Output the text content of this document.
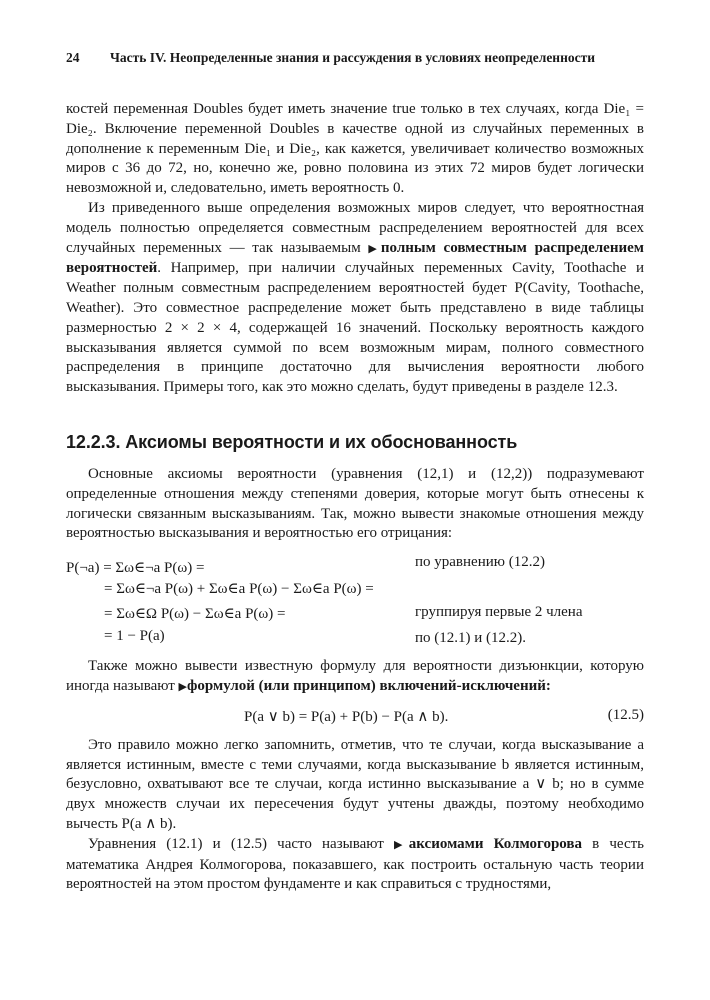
24	Часть IV. Неопределенные знания и рассуждения в условиях неопределенности

костей переменная Doubles будет иметь значение true только в тех случаях, когда Die₁ = Die₂. Включение переменной Doubles в качестве одной из случайных переменных в дополнение к переменным Die₁ и Die₂, как кажется, увеличивает количество возможных миров с 36 до 72, но, конечно же, ровно половина из этих 72 миров будет логически невозможной и, следовательно, иметь вероятность 0.

Из приведенного выше определения возможных миров следует, что вероятностная модель полностью определяется совместным распределением вероятностей для всех случайных переменных — так называемым ▶полным совместным распределением вероятностей. Например, при наличии случайных переменных Cavity, Toothache и Weather полным совместным распределением вероятностей будет P(Cavity, Toothache, Weather). Это совместное распределение может быть представлено в виде таблицы размерностью 2 × 2 × 4, содержащей 16 значений. Поскольку вероятность каждого высказывания является суммой по всем возможным мирам, полного совместного распределения в принципе достаточно для вычисления вероятности любого высказывания. Примеры того, как это можно сделать, будут приведены в разделе 12.3.

12.2.3. Аксиомы вероятности и их обоснованность

Основные аксиомы вероятности (уравнения (12,1) и (12,2)) подразумевают определенные отношения между степенями доверия, которые могут быть отнесены к логически связанным высказываниям. Так, можно вывести знакомые отношения между вероятностью высказывания и вероятностью его отрицания:

P(¬a) = Σω∈¬a P(ω) =
= Σω∈¬a P(ω) + Σω∈a P(ω) − Σω∈a P(ω) =
= Σω∈Ω P(ω) − Σω∈a P(ω) =
= 1 − P(a)
по уравнению (12.2)
группируя первые 2 члена
по (12.1) и (12.2).

Также можно вывести известную формулу для вероятности дизъюнкции, которую иногда называют ▶формулой (или принципом) включений-исключений:

P(a ∨ b) = P(a) + P(b) − P(a ∧ b).	(12.5)

Это правило можно легко запомнить, отметив, что те случаи, когда высказывание a является истинным, вместе с теми случаями, когда высказывание b является истинным, безусловно, охватывают все те случаи, когда истинно высказывание a ∨ b; но в сумме двух множеств случаи их пересечения будут учтены дважды, поэтому необходимо вычесть P(a ∧ b).

Уравнения (12.1) и (12.5) часто называют ▶аксиомами Колмогорова в честь математика Андрея Колмогорова, показавшего, как построить остальную часть теории вероятностей на этом простом фундаменте и как справиться с трудностями,
